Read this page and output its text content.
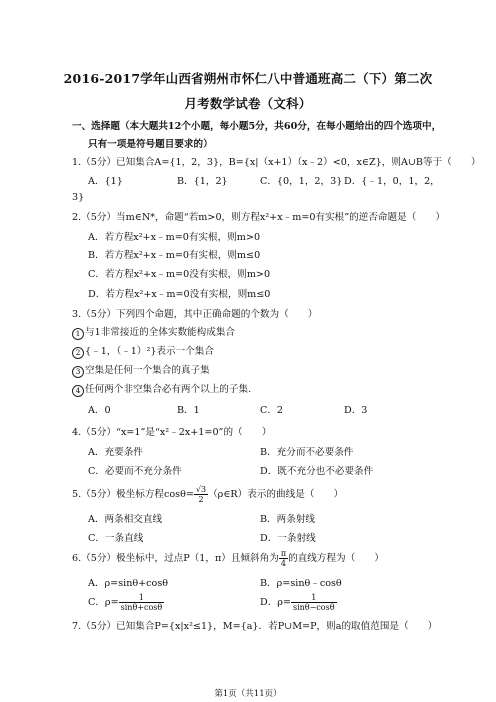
2016-2017学年山西省朔州市怀仁八中普通班高二（下）第二次
月考数学试卷（文科）
一、选择题（本大题共12个小题，每小题5分，共60分，在每小题给出的四个选项中，
只有一项是符号题目要求的）
1.（5分）已知集合A={1，2，3}，B={x|（x+1）（x﹣2）<0，x∈Z}，则A∪B等于（　　）
A．{1}	B．{1，2}	C．{0，1，2，3} D．{﹣1，0，1，2，
3}
2.（5分）当m∈N*，命题“若m>0，则方程x²+x﹣m=0有实根”的逆否命题是（　　）
A．若方程x²+x﹣m=0有实根，则m>0
B．若方程x²+x﹣m=0有实根，则m≤0
C．若方程x²+x﹣m=0没有实根，则m>0
D．若方程x²+x﹣m=0没有实根，则m≤0
3.（5分）下列四个命题，其中正确命题的个数为（　　）
1 与1非常接近的全体实数能构成集合
2 {﹣1，（﹣1）²}表示一个集合
3 空集是任何一个集合的真子集
4 任何两个非空集合必有两个以上的子集.
A．0	B．1	C．2	D．3
4.（5分）“x=1”是“x²﹣2x+1=0”的（　　）
A．充要条件	B．充分而不必要条件
C．必要而不充分条件	D．既不充分也不必要条件
5.（5分）极坐标方程$\cos\theta= \frac{√3}{2}$ （ρ∈R）表示的曲线是（　　）
A．两条相交直线	B．两条射线
C．一条直线	D．一条射线
6.（5分）极坐标中，过点P（1，π）且倾斜角为 $\frac{\pi}{4}$ 的直线方程为（　　）
A．ρ=sinθ+cosθ	B．ρ=sinθ﹣cosθ
C．$\rho= \frac{1}{\sin\theta+\cos\theta}$	D．$\rho= \frac{1}{\sin\theta-\cos\theta}$
7.（5分）已知集合P={x|x²≤1}，M={a}．若P∪M=P，则a的取值范围是（　　）
第1页（共11页）
